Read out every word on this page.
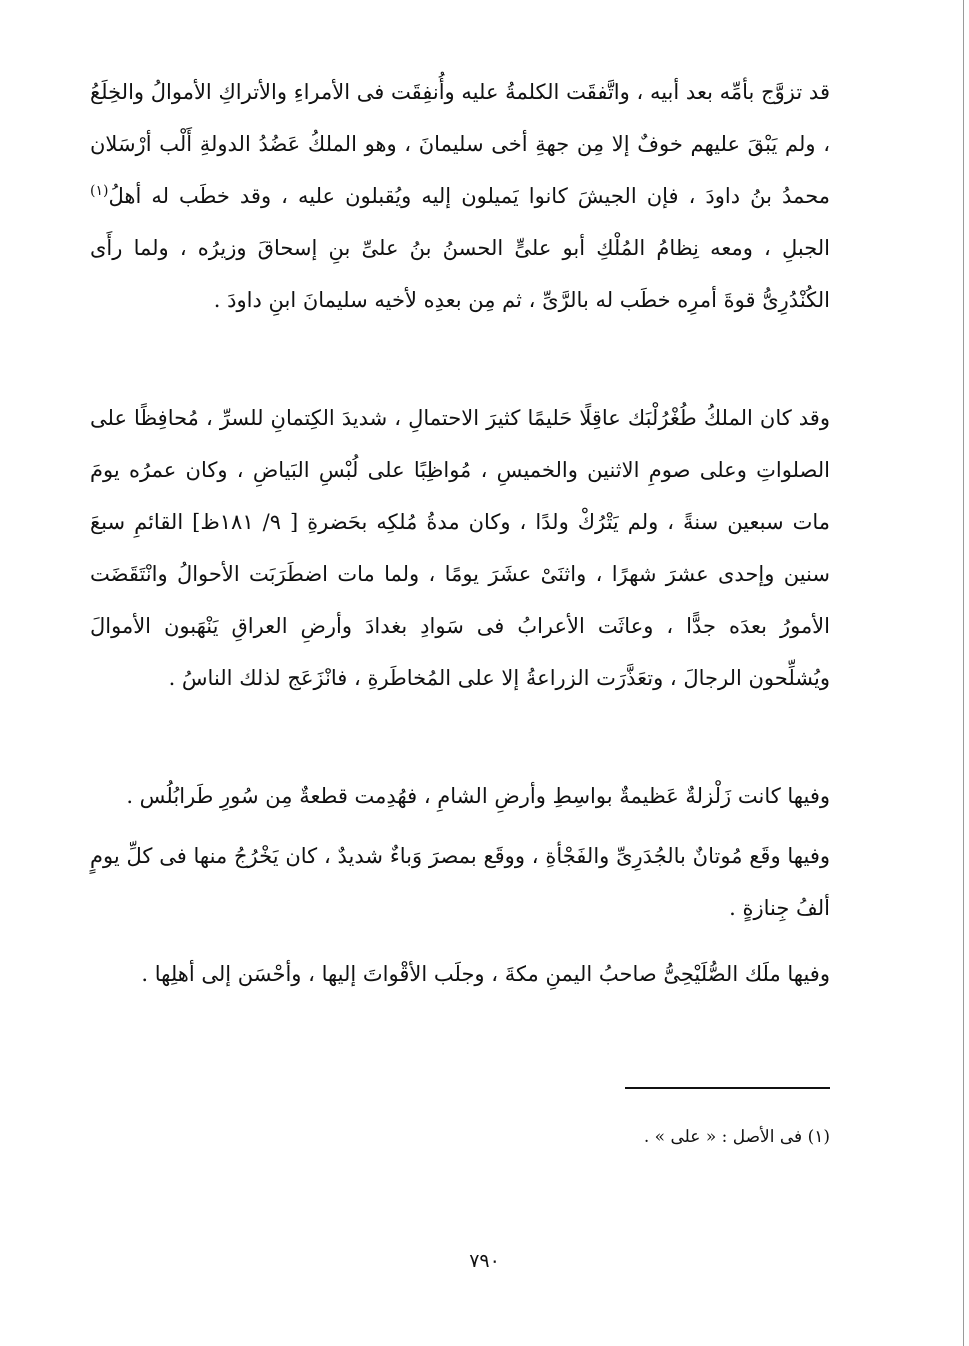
قد تزوَّج بأمِّه بعد أبيه ، واتَّفقَت الكلمةُ عليه وأُنفِقَت فى الأمراءِ والأتراكِ الأموالُ والخِلَعُ ، ولم يَبْقَ عليهم خوفٌ إلا مِن جهةِ أخى سليمانَ ، وهو الملكُ عَضُدُ الدولةِ أَلْب أرْسَلان محمدُ بنُ داودَ ، فإن الجيشَ كانوا يَميلون إليه ويُقبلون عليه ، وقد خطَب له أهلُ$^{(١)}$ الجبلِ ، ومعه نِظامُ المُلْكِ أبو علىٍّ الحسنُ بنُ علىِّ بنِ إسحاقَ وزيرُه ، ولما رأَى الكُنْدُرِىُّ قوةَ أمرِه خطَب له بالرَّىِّ ، ثم مِن بعدِه لأخيه سليمانَ ابنِ داودَ .

وقد كان الملكُ طُغْرُلْبَك عاقِلًا حَليمًا كثيرَ الاحتمالِ ، شديدَ الكِتمانِ للسرِّ ، مُحافِظًا على الصلواتِ وعلى صومِ الاثنين والخميسِ ، مُواظِبًا على لُبْسِ البَياضِ ، وكان عمرُه يومَ مات سبعين سنةً ، ولم يَتْرُكْ ولدًا ، وكان مدةُ مُلكِه بحَضرةِ [ ٩/ ١٨١ظ] القائمِ سبعَ سنين وإحدى عشرَ شهرًا ، واثنَىْ عشَرَ يومًا ، ولما مات اضطَرَبَت الأحوالُ وانْتَقَضَت الأمورُ بعدَه جدًّا ، وعاثَت الأعرابُ فى سَوادِ بغدادَ وأرضِ العراقِ يَنْهَبون الأموالَ ويُشلِّحون الرجالَ ، وتعَذَّرَت الزراعةُ إلا على المُخاطَرةِ ، فانْزَعَج لذلك الناسُ .

وفيها كانت زَلْزلةٌ عَظيمةٌ بواسِطِ وأرضِ الشامِ ، فهُدِمت قطعةٌ مِن سُورِ طَرابُلُس .

وفيها وقَع مُوتانٌ بالجُدَرِىِّ والفَجْأةِ ، ووقَع بمصرَ وَباءٌ شديدٌ ، كان يَخْرُجُ منها فى كلِّ يومٍ ألفُ جِنازةٍ .

وفيها ملَك الصُّلَيْحِىُّ صاحبُ اليمنِ مكةَ ، وجلَب الأقْواتَ إليها ، وأحْسَن إلى أهلِها .

(١) فى الأصل : « على » .
٧٩٠
